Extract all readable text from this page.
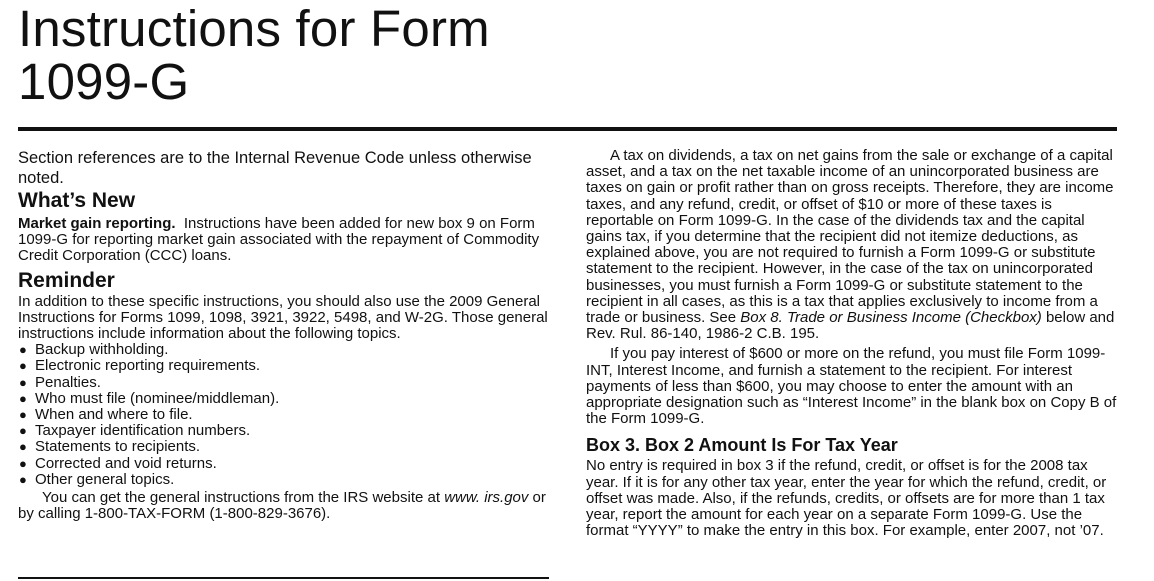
Instructions for Form
1099-G

Section references are to the Internal Revenue Code unless otherwise noted.

What’s New

Market gain reporting. Instructions have been added for new box 9 on Form 1099-G for reporting market gain associated with the repayment of Commodity Credit Corporation (CCC) loans.

Reminder

In addition to these specific instructions, you should also use the 2009 General Instructions for Forms 1099, 1098, 3921, 3922, 5498, and W-2G. Those general instructions include information about the following topics.

● Backup withholding.
● Electronic reporting requirements.
● Penalties.
● Who must file (nominee/middleman).
● When and where to file.
● Taxpayer identification numbers.
● Statements to recipients.
● Corrected and void returns.
● Other general topics.

You can get the general instructions from the IRS website at www. irs.gov or by calling 1-800-TAX-FORM (1-800-829-3676).

A tax on dividends, a tax on net gains from the sale or exchange of a capital asset, and a tax on the net taxable income of an unincorporated business are taxes on gain or profit rather than on gross receipts. Therefore, they are income taxes, and any refund, credit, or offset of $10 or more of these taxes is reportable on Form 1099-G. In the case of the dividends tax and the capital gains tax, if you determine that the recipient did not itemize deductions, as explained above, you are not required to furnish a Form 1099-G or substitute statement to the recipient. However, in the case of the tax on unincorporated businesses, you must furnish a Form 1099-G or substitute statement to the recipient in all cases, as this is a tax that applies exclusively to income from a trade or business. See Box 8. Trade or Business Income (Checkbox) below and Rev. Rul. 86-140, 1986-2 C.B. 195.

If you pay interest of $600 or more on the refund, you must file Form 1099-INT, Interest Income, and furnish a statement to the recipient. For interest payments of less than $600, you may choose to enter the amount with an appropriate designation such as “Interest Income” in the blank box on Copy B of the Form 1099-G.

Box 3. Box 2 Amount Is For Tax Year

No entry is required in box 3 if the refund, credit, or offset is for the 2008 tax year. If it is for any other tax year, enter the year for which the refund, credit, or offset was made. Also, if the refunds, credits, or offsets are for more than 1 tax year, report the amount for each year on a separate Form 1099-G. Use the format “YYYY” to make the entry in this box. For example, enter 2007, not ’07.
